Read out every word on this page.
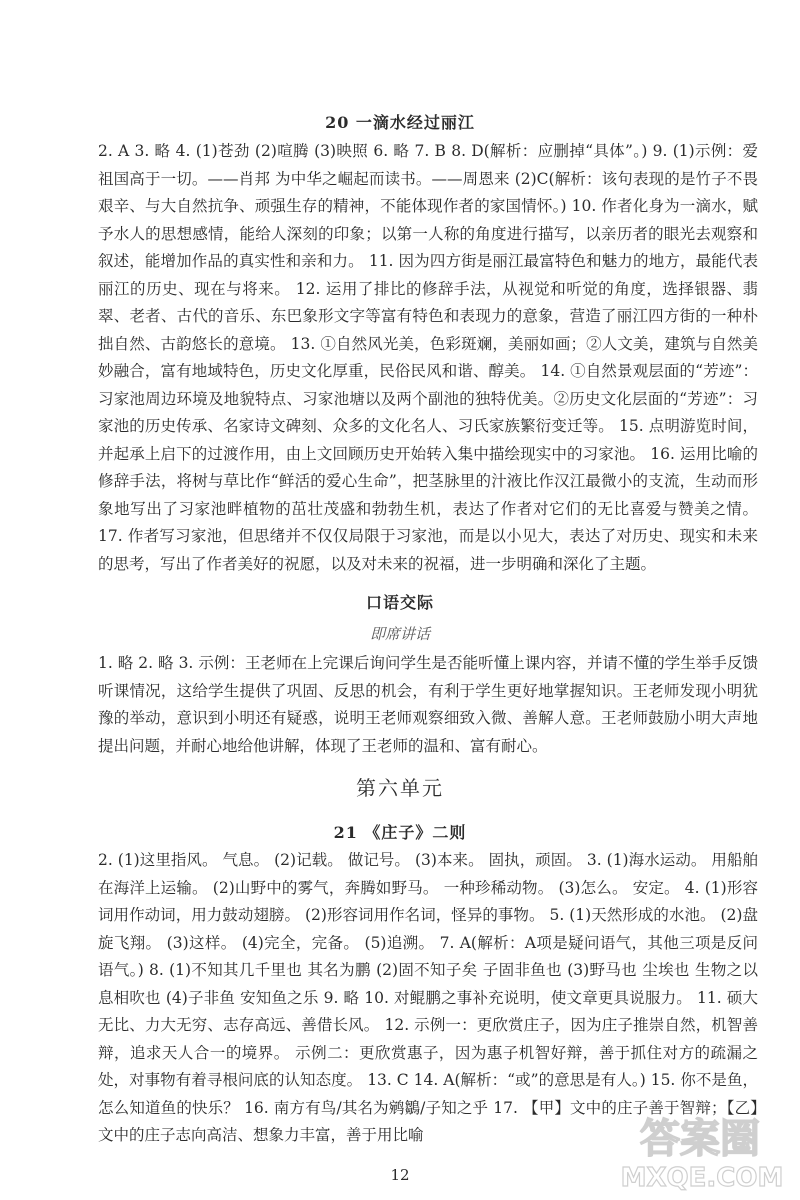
20 一滴水经过丽江

2. A 3. 略 4. (1)苍劲 (2)喧腾 (3)映照 6. 略 7. B 8. D(解析：应删掉“具体”。) 9. (1)示例：爱祖国高于一切。——肖邦 为中华之崛起而读书。——周恩来 (2)C(解析：该句表现的是竹子不畏艰辛、与大自然抗争、顽强生存的精神，不能体现作者的家国情怀。) 10. 作者化身为一滴水，赋予水人的思想感情，能给人深刻的印象；以第一人称的角度进行描写，以亲历者的眼光去观察和叙述，能增加作品的真实性和亲和力。 11. 因为四方街是丽江最富特色和魅力的地方，最能代表丽江的历史、现在与将来。 12. 运用了排比的修辞手法，从视觉和听觉的角度，选择银器、翡翠、老者、古代的音乐、东巴象形文字等富有特色和表现力的意象，营造了丽江四方街的一种朴拙自然、古韵悠长的意境。 13. ①自然风光美，色彩斑斓，美丽如画；②人文美，建筑与自然美妙融合，富有地域特色，历史文化厚重，民俗民风和谐、醇美。 14. ①自然景观层面的“芳迹”：习家池周边环境及地貌特点、习家池塘以及两个副池的独特优美。②历史文化层面的“芳迹”：习家池的历史传承、名家诗文碑刻、众多的文化名人、习氏家族繁衍变迁等。 15. 点明游览时间，并起承上启下的过渡作用，由上文回顾历史开始转入集中描绘现实中的习家池。 16. 运用比喻的修辞手法，将树与草比作“鲜活的爱心生命”，把茎脉里的汁液比作汉江最微小的支流，生动而形象地写出了习家池畔植物的茁壮茂盛和勃勃生机，表达了作者对它们的无比喜爱与赞美之情。 17. 作者写习家池，但思绪并不仅仅局限于习家池，而是以小见大，表达了对历史、现实和未来的思考，写出了作者美好的祝愿，以及对未来的祝福，进一步明确和深化了主题。

口语交际
即席讲话

1. 略 2. 略 3. 示例：王老师在上完课后询问学生是否能听懂上课内容，并请不懂的学生举手反馈听课情况，这给学生提供了巩固、反思的机会，有利于学生更好地掌握知识。王老师发现小明犹豫的举动，意识到小明还有疑惑，说明王老师观察细致入微、善解人意。王老师鼓励小明大声地提出问题，并耐心地给他讲解，体现了王老师的温和、富有耐心。

第六单元
21 《庄子》二则

2. (1)这里指风。 气息。 (2)记载。 做记号。 (3)本来。 固执，顽固。 3. (1)海水运动。 用船舶在海洋上运输。 (2)山野中的雾气，奔腾如野马。 一种珍稀动物。 (3)怎么。 安定。 4. (1)形容词用作动词，用力鼓动翅膀。 (2)形容词用作名词，怪异的事物。 5. (1)天然形成的水池。 (2)盘旋飞翔。 (3)这样。 (4)完全，完备。 (5)追溯。 7. A(解析：A项是疑问语气，其他三项是反问语气。) 8. (1)不知其几千里也 其名为鹏 (2)固不知子矣 子固非鱼也 (3)野马也 尘埃也 生物之以息相吹也 (4)子非鱼 安知鱼之乐 9. 略 10. 对鲲鹏之事补充说明，使文章更具说服力。 11. 硕大无比、力大无穷、志存高远、善借长风。 12. 示例一：更欣赏庄子，因为庄子推崇自然，机智善辩，追求天人合一的境界。 示例二：更欣赏惠子，因为惠子机智好辩，善于抓住对方的疏漏之处，对事物有着寻根问底的认知态度。 13. C 14. A(解析：“或”的意思是有人。) 15. 你不是鱼，怎么知道鱼的快乐？ 16. 南方有鸟/其名为鹓鶵/子知之乎 17. 【甲】文中的庄子善于智辩；【乙】文中的庄子志向高洁、想象力丰富，善于用比喻

12
答案圈
MXQE.COM
